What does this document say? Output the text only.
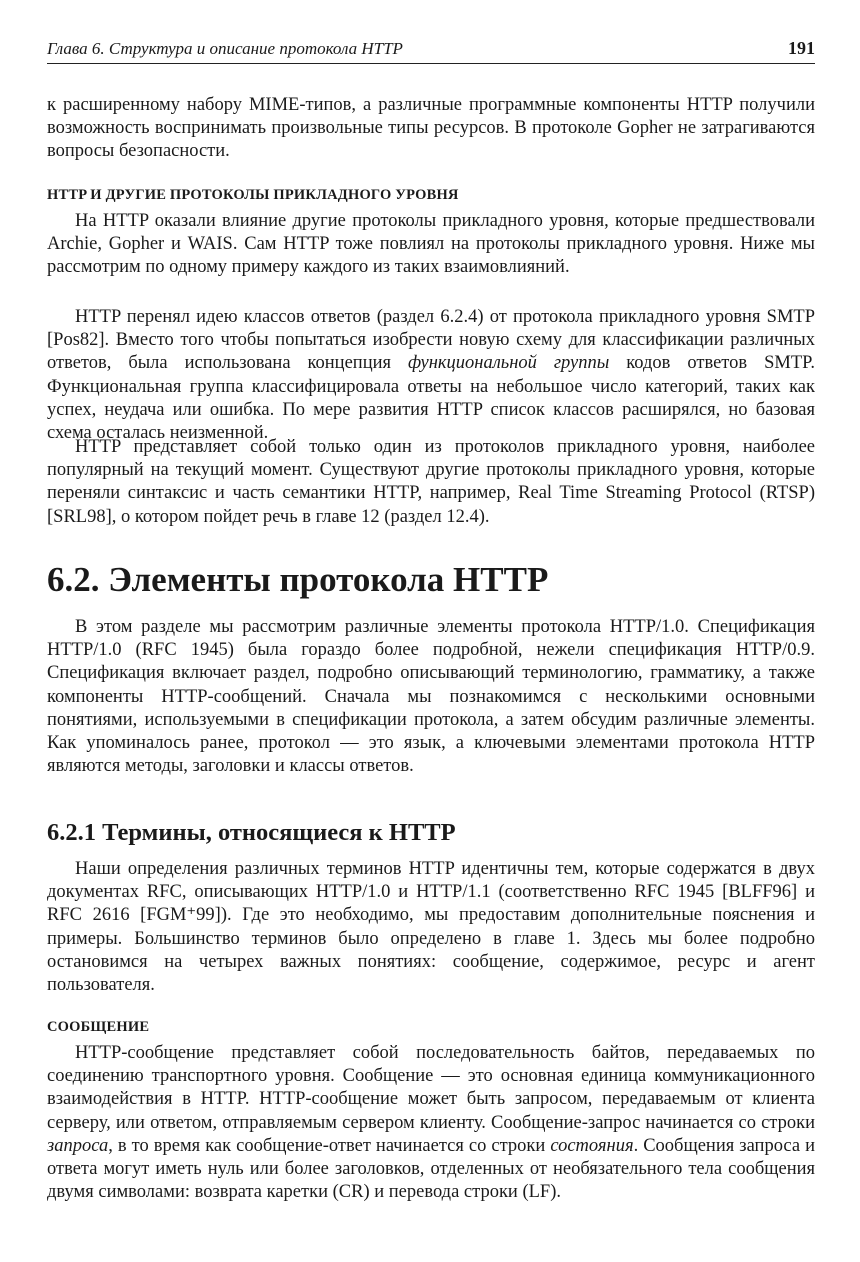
Глава 6. Структура и описание протокола HTTP	191

к расширенному набору MIME-типов, а различные программные компоненты HTTP получили возможность воспринимать произвольные типы ресурсов. В протоколе Gopher не затрагиваются вопросы безопасности.

HTTP И ДРУГИЕ ПРОТОКОЛЫ ПРИКЛАДНОГО УРОВНЯ

На HTTP оказали влияние другие протоколы прикладного уровня, которые предшествовали Archie, Gopher и WAIS. Сам HTTP тоже повлиял на протоколы прикладного уровня. Ниже мы рассмотрим по одному примеру каждого из таких взаимовлияний.

HTTP перенял идею классов ответов (раздел 6.2.4) от протокола прикладного уровня SMTP [Pos82]. Вместо того чтобы попытаться изобрести новую схему для классификации различных ответов, была использована концепция функциональной группы кодов ответов SMTP. Функциональная группа классифицировала ответы на небольшое число категорий, таких как успех, неудача или ошибка. По мере развития HTTP список классов расширялся, но базовая схема осталась неизменной.

HTTP представляет собой только один из протоколов прикладного уровня, наиболее популярный на текущий момент. Существуют другие протоколы прикладного уровня, которые переняли синтаксис и часть семантики HTTP, например, Real Time Streaming Protocol (RTSP) [SRL98], о котором пойдет речь в главе 12 (раздел 12.4).

6.2. Элементы протокола HTTP

В этом разделе мы рассмотрим различные элементы протокола HTTP/1.0. Спецификация HTTP/1.0 (RFC 1945) была гораздо более подробной, нежели спецификация HTTP/0.9. Спецификация включает раздел, подробно описывающий терминологию, грамматику, а также компоненты HTTP-сообщений. Сначала мы познакомимся с несколькими основными понятиями, используемыми в спецификации протокола, а затем обсудим различные элементы. Как упоминалось ранее, протокол — это язык, а ключевыми элементами протокола HTTP являются методы, заголовки и классы ответов.

6.2.1 Термины, относящиеся к HTTP

Наши определения различных терминов HTTP идентичны тем, которые содержатся в двух документах RFC, описывающих HTTP/1.0 и HTTP/1.1 (соответственно RFC 1945 [BLFF96] и RFC 2616 [FGM⁺99]). Где это необходимо, мы предоставим дополнительные пояснения и примеры. Большинство терминов было определено в главе 1. Здесь мы более подробно остановимся на четырех важных понятиях: сообщение, содержимое, ресурс и агент пользователя.

СООБЩЕНИЕ

HTTP-сообщение представляет собой последовательность байтов, передаваемых по соединению транспортного уровня. Сообщение — это основная единица коммуникационного взаимодействия в HTTP. HTTP-сообщение может быть запросом, передаваемым от клиента серверу, или ответом, отправляемым сервером клиенту. Сообщение-запрос начинается со строки запроса, в то время как сообщение-ответ начинается со строки состояния. Сообщения запроса и ответа могут иметь нуль или более заголовков, отделенных от необязательного тела сообщения двумя символами: возврата каретки (CR) и перевода строки (LF).
